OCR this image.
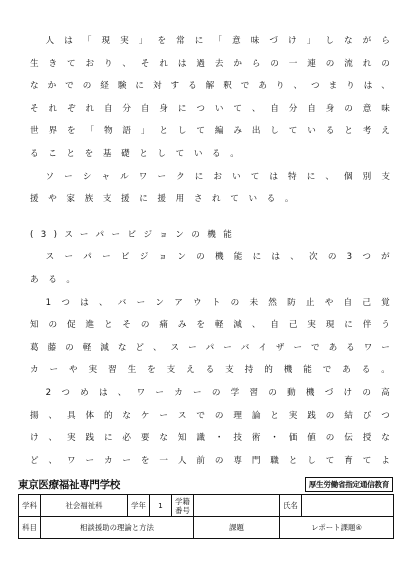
人 は 「 現 実 」 を 常 に 「 意 味 づ け 」 し な が ら
生 き て お り 、 そ れ は 過 去 か ら の 一 連 の 流 れ の
な か で の 経 験 に 対 す る 解 釈 で あ り 、 つ ま り は 、
そ れ ぞ れ 自 分 自 身 に つ い て 、 自 分 自 身 の 意 味
世 界 を 「 物 語 」 と し て 編 み 出 し て い る と 考 え
る こ と を 基 礎 と し て い る 。

ソ ー シ ャ ル ワ ー ク に お い て は 特 に 、 個 別 支
援 や 家 族 支 援 に 援 用 さ れ て い る 。
(3)スーパービジョンの機能

ス ー パ ー ビ ジ ョ ン の 機 能 に は 、 次 の 3 つ が
あ る 。

1 つ は 、 バ ー ン ア ウ ト の 未 然 防 止 や 自 己 覚
知 の 促 進 と そ の 痛 み を 軽 減 、 自 己 実 現 に 伴 う
葛 藤 の 軽 減 な ど 、 ス ー パ ー バ イ ザ ー で あ る ワ ー
カ ー や 実 習 生 を 支 え る 支 持 的 機 能 で あ る 。

2 つ め は 、 ワ ー カ ー の 学 習 の 動 機 づ け の 高
揚 、 具 体 的 な ケ ー ス で の 理 論 と 実 践 の 結 び つ
け 、 実 践 に 必 要 な 知 識 ・ 技 術 ・ 価 値 の 伝 授 な
ど 、 ワ ー カ ー を 一 人 前 の 専 門 職 と し て 育 て よ
東京医療福祉専門学校	厚生労働省指定通信教育
学科	社会福祉科	学年	1	学籍番号		氏名	
科目	相談援助の理論と方法				課題	レポート課題④	
